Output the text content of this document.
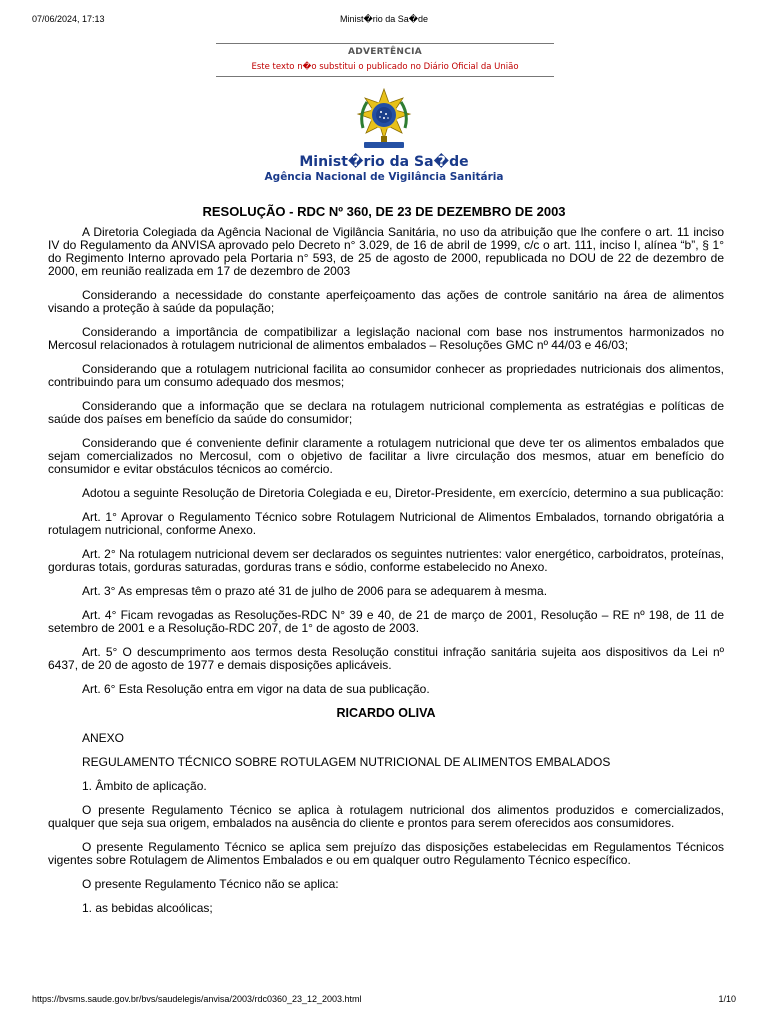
07/06/2024, 17:13	Minist�rio da Sa�de
ADVERTÊNCIA
Este texto n�o substitui o publicado no Diário Oficial da União
Minist�rio da Sa�de
Agência Nacional de Vigilância Sanitária
RESOLUÇÃO - RDC Nº 360, DE 23 DE DEZEMBRO DE 2003

A Diretoria Colegiada da Agência Nacional de Vigilância Sanitária, no uso da atribuição que lhe confere o art. 11 inciso IV do Regulamento da ANVISA aprovado pelo Decreto n° 3.029, de 16 de abril de 1999, c/c o art. 111, inciso I, alínea “b”, § 1° do Regimento Interno aprovado pela Portaria n° 593, de 25 de agosto de 2000, republicada no DOU de 22 de dezembro de 2000, em reunião realizada em 17 de dezembro de 2003

Considerando a necessidade do constante aperfeiçoamento das ações de controle sanitário na área de alimentos visando a proteção à saúde da população;

Considerando a importância de compatibilizar a legislação nacional com base nos instrumentos harmonizados no Mercosul relacionados à rotulagem nutricional de alimentos embalados – Resoluções GMC nº 44/03 e 46/03;

Considerando que a rotulagem nutricional facilita ao consumidor conhecer as propriedades nutricionais dos alimentos, contribuindo para um consumo adequado dos mesmos;

Considerando que a informação que se declara na rotulagem nutricional complementa as estratégias e políticas de saúde dos países em benefício da saúde do consumidor;

Considerando que é conveniente definir claramente a rotulagem nutricional que deve ter os alimentos embalados que sejam comercializados no Mercosul, com o objetivo de facilitar a livre circulação dos mesmos, atuar em benefício do consumidor e evitar obstáculos técnicos ao comércio.

Adotou a seguinte Resolução de Diretoria Colegiada e eu, Diretor-Presidente, em exercício, determino a sua publicação:

Art. 1° Aprovar o Regulamento Técnico sobre Rotulagem Nutricional de Alimentos Embalados, tornando obrigatória a rotulagem nutricional, conforme Anexo.

Art. 2° Na rotulagem nutricional devem ser declarados os seguintes nutrientes: valor energético, carboidratos, proteínas, gorduras totais, gorduras saturadas, gorduras trans e sódio, conforme estabelecido no Anexo.

Art. 3° As empresas têm o prazo até 31 de julho de 2006 para se adequarem à mesma.

Art. 4° Ficam revogadas as Resoluções-RDC N° 39 e 40, de 21 de março de 2001, Resolução – RE nº 198, de 11 de setembro de 2001 e a Resolução-RDC 207, de 1° de agosto de 2003.

Art. 5° O descumprimento aos termos desta Resolução constitui infração sanitária sujeita aos dispositivos da Lei nº 6437, de 20 de agosto de 1977 e demais disposições aplicáveis.

Art. 6° Esta Resolução entra em vigor na data de sua publicação.

RICARDO OLIVA

ANEXO

REGULAMENTO TÉCNICO SOBRE ROTULAGEM NUTRICIONAL DE ALIMENTOS EMBALADOS

1. Âmbito de aplicação.

O presente Regulamento Técnico se aplica à rotulagem nutricional dos alimentos produzidos e comercializados, qualquer que seja sua origem, embalados na ausência do cliente e prontos para serem oferecidos aos consumidores.

O presente Regulamento Técnico se aplica sem prejuízo das disposições estabelecidas em Regulamentos Técnicos vigentes sobre Rotulagem de Alimentos Embalados e ou em qualquer outro Regulamento Técnico específico.

O presente Regulamento Técnico não se aplica:

1. as bebidas alcoólicas;

https://bvsms.saude.gov.br/bvs/saudelegis/anvisa/2003/rdc0360_23_12_2003.html	1/10
